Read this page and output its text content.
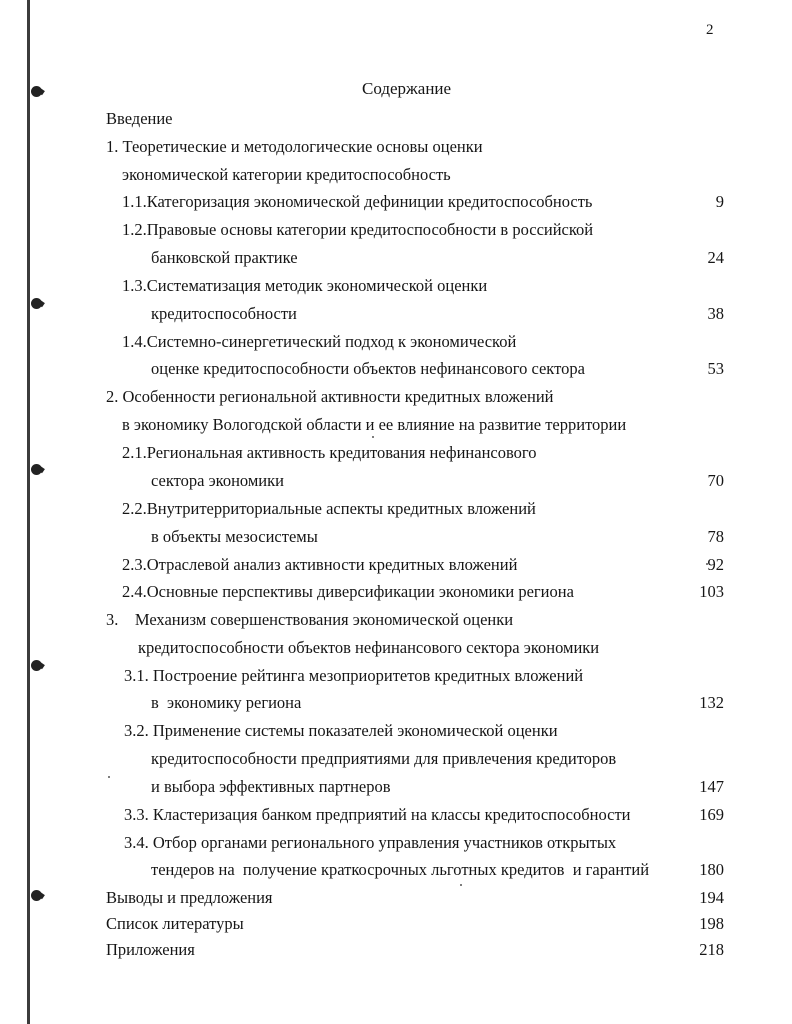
2
Содержание
Введение
1. Теоретические и методологические основы оценки
экономической категории кредитоспособность
1.1.Категоризация экономической дефиниции кредитоспособность	9
1.2.Правовые основы категории кредитоспособности в российской
банковской практике	24
1.3.Систематизация методик экономической оценки
кредитоспособности	38
1.4.Системно-синергетический подход к экономической
оценке кредитоспособности объектов нефинансового сектора	53
2. Особенности региональной активности кредитных вложений
в экономику Вологодской области и ее влияние на развитие территории
2.1.Региональная активность кредитования нефинансового
сектора экономики	70
2.2.Внутритерриториальные аспекты кредитных вложений
в объекты мезосистемы	78
2.3.Отраслевой анализ активности кредитных вложений	92
2.4.Основные перспективы диверсификации экономики региона	103
3.    Механизм совершенствования экономической оценки
кредитоспособности объектов нефинансового сектора экономики
3.1. Построение рейтинга мезоприоритетов кредитных вложений
в  экономику региона	132
3.2. Применение системы показателей экономической оценки
кредитоспособности предприятиями для привлечения кредиторов
и выбора эффективных партнеров	147
3.3. Кластеризация банком предприятий на классы кредитоспособности	169
3.4. Отбор органами регионального управления участников открытых
тендеров на  получение краткосрочных льготных кредитов  и гарантий	180
Выводы и предложения	194
Список литературы	198
Приложения	218
